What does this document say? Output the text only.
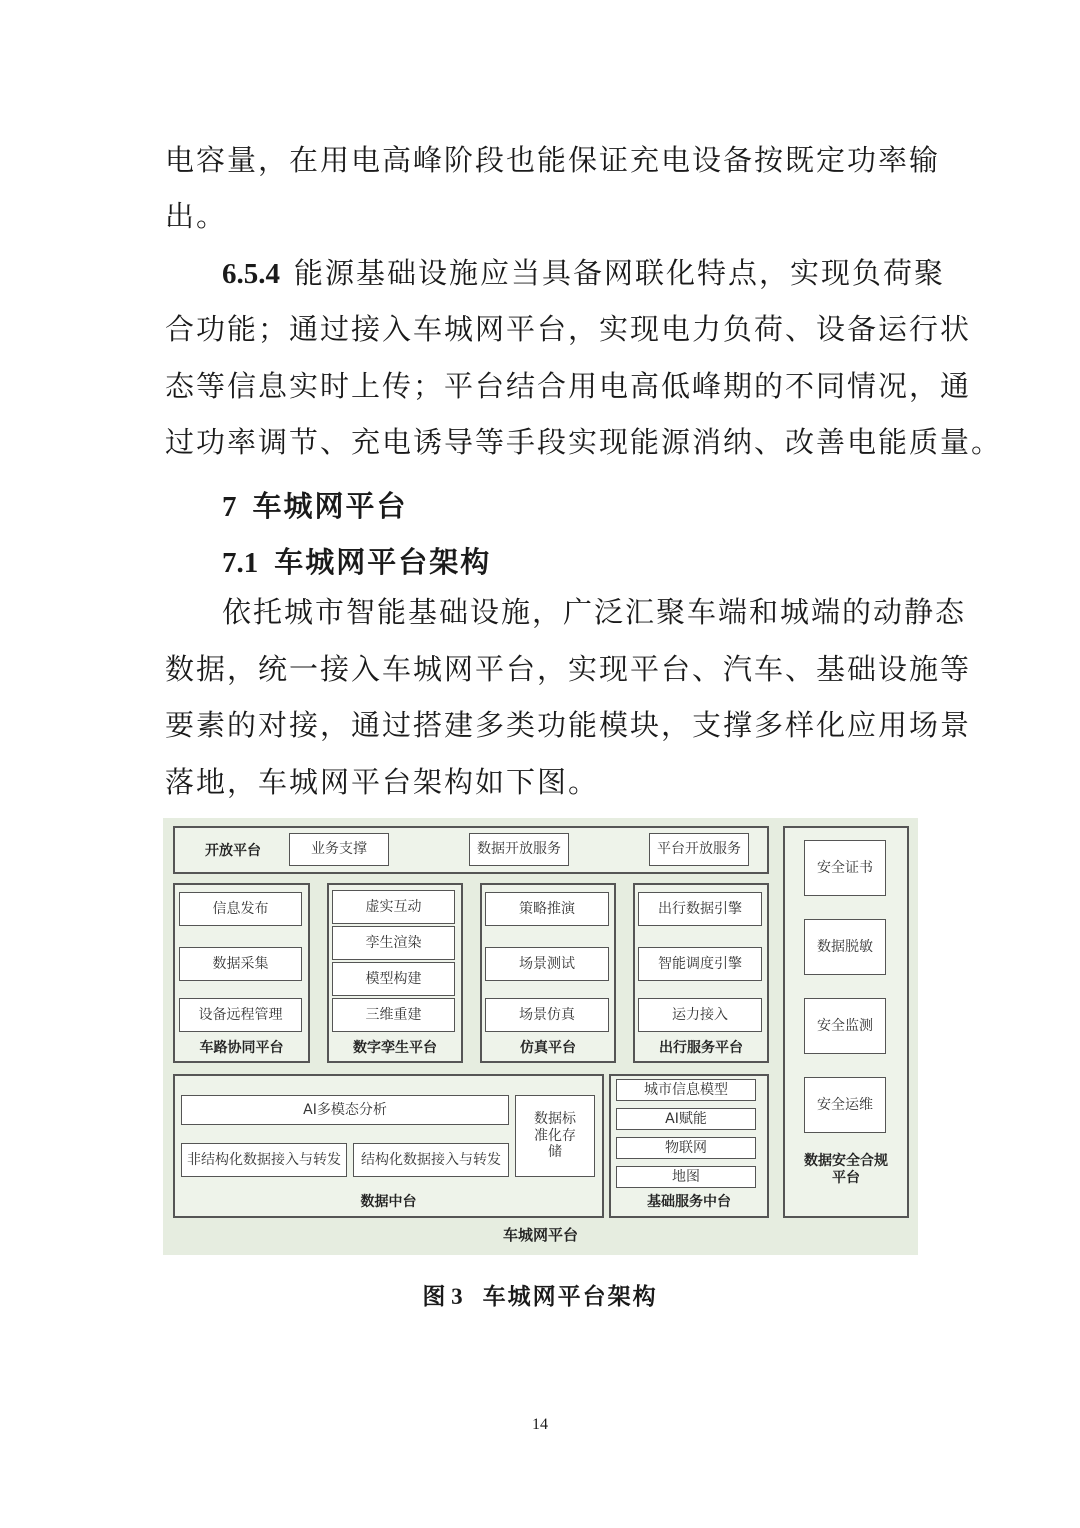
电容量，在用电高峰阶段也能保证充电设备按既定功率输
出。
6.5.4 能源基础设施应当具备网联化特点，实现负荷聚
合功能；通过接入车城网平台，实现电力负荷、设备运行状
态等信息实时上传；平台结合用电高低峰期的不同情况，通
过功率调节、充电诱导等手段实现能源消纳、改善电能质量。
7 车城网平台
7.1 车城网平台架构
依托城市智能基础设施，广泛汇聚车端和城端的动静态
数据，统一接入车城网平台，实现平台、汽车、基础设施等
要素的对接，通过搭建多类功能模块，支撑多样化应用场景
落地，车城网平台架构如下图。
开放平台	业务支撑	数据开放服务	平台开放服务
安全证书
数据脱敏
安全监测
安全运维
数据安全合规平台
信息发布
数据采集
设备远程管理
车路协同平台
虚实互动
孪生渲染
模型构建
三维重建
数字孪生平台
策略推演
场景测试
场景仿真
仿真平台
出行数据引擎
智能调度引擎
运力接入
出行服务平台
AI多模态分析
数据标准化存储
非结构化数据接入与转发	结构化数据接入与转发
数据中台
城市信息模型
AI赋能
物联网
地图
基础服务中台
车城网平台
图 3 车城网平台架构
14
